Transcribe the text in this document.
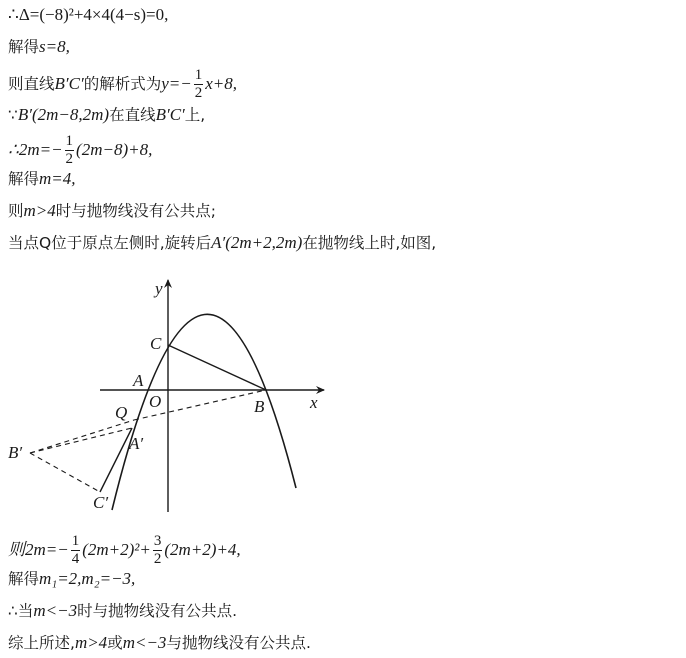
∴Δ=(−8)²+4×4(4−s)=0,
解得s=8,
则直线B′C′的解析式为$y=- \frac{1}{2} x+8$,
∵B′(2m−8,2m)在直线B′C′上,
∴2m=− $\frac{1}{2} (2m-8)+8$,
解得m=4,
则m>4时与抛物线没有公共点;
当点Q位于原点左侧时,旋转后A′(2m+2,2m)在抛物线上时,如图,
y
x
C
A
O	B
Q
A′
B′
C′
则$2m=- \frac{1}{4} (2m+2)^2+ \frac{3}{2} (2m+2)+4$,
解得m₁=2,m₂=−3,
∴当m<−3时与抛物线没有公共点.
综上所述,m>4或m<−3与抛物线没有公共点.
